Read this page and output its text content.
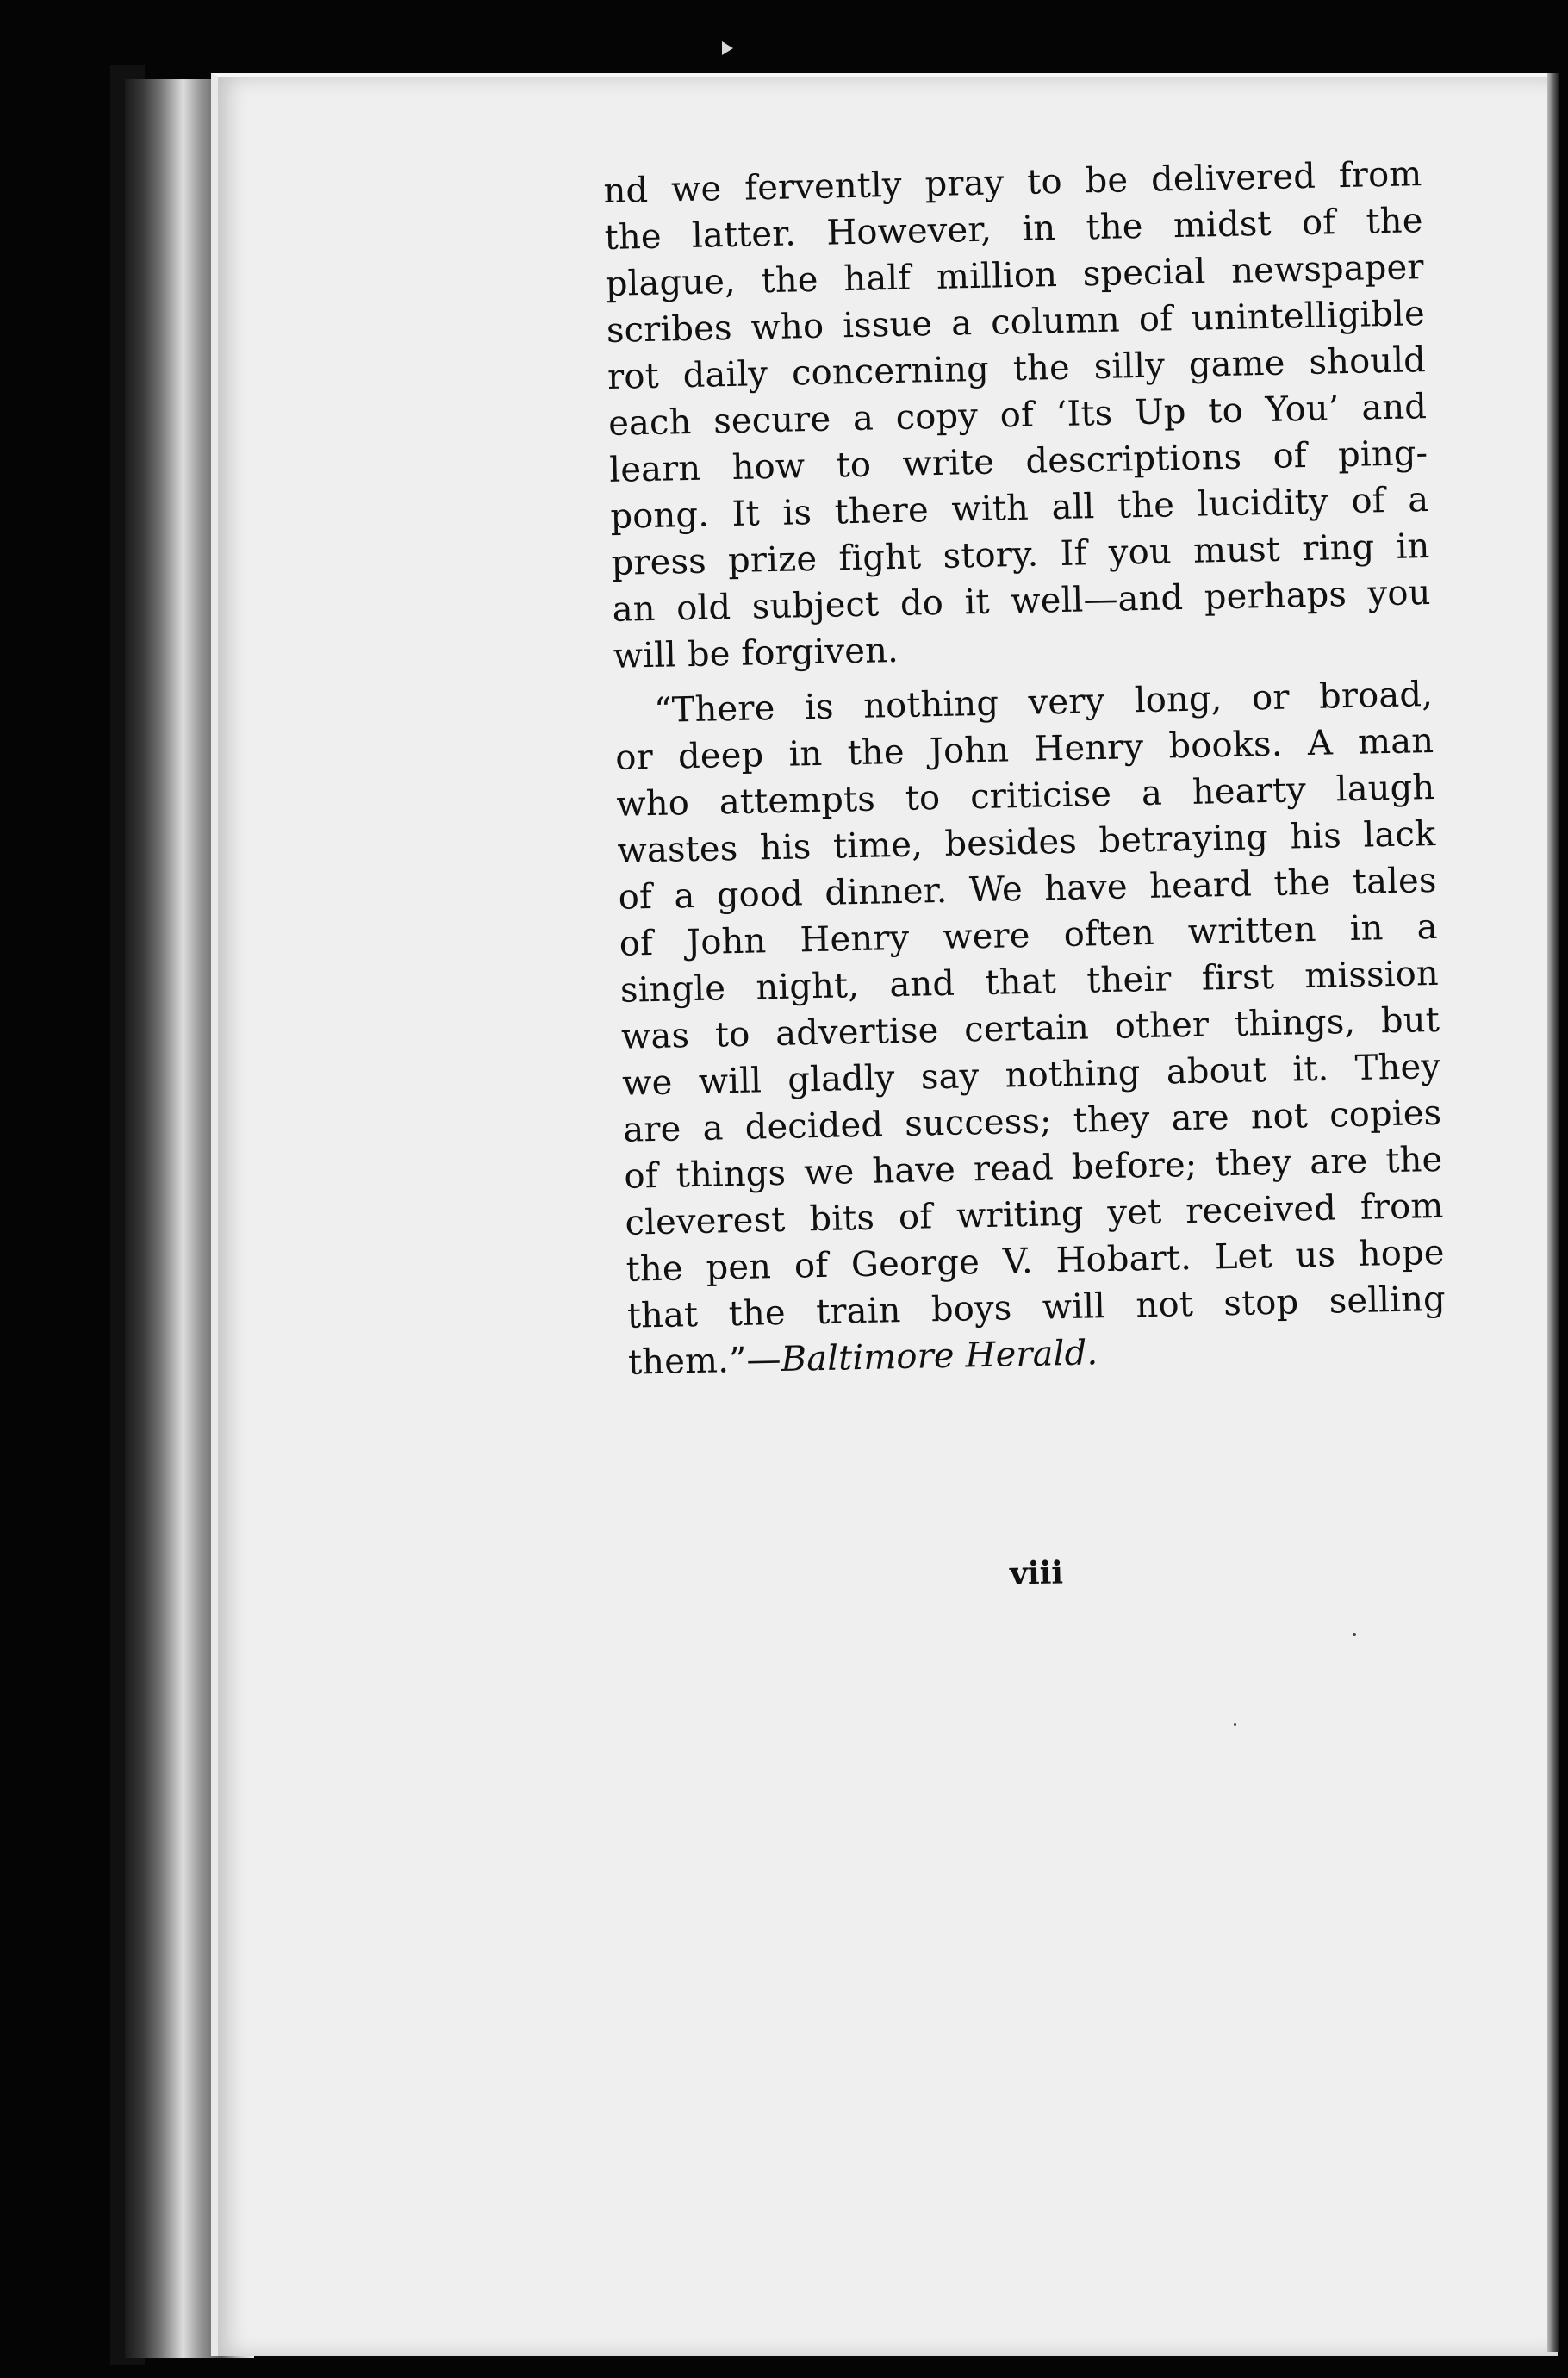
nd we fervently pray to be delivered from
the latter. However, in the midst of the
plague, the half million special newspaper
scribes who issue a column of unintelligible
rot daily concerning the silly game should
each secure a copy of ‘Its Up to You’ and
learn how to write descriptions of ping-
pong. It is there with all the lucidity of a
press prize fight story. If you must ring in
an old subject do it well—and perhaps you
will be forgiven.
“There is nothing very long, or broad,
or deep in the John Henry books. A man
who attempts to criticise a hearty laugh
wastes his time, besides betraying his lack
of a good dinner. We have heard the tales
of John Henry were often written in a
single night, and that their first mission
was to advertise certain other things, but
we will gladly say nothing about it. They
are a decided success; they are not copies
of things we have read before; they are the
cleverest bits of writing yet received from
the pen of George V. Hobart. Let us hope
that the train boys will not stop selling
them.”—Baltimore Herald.
viii
